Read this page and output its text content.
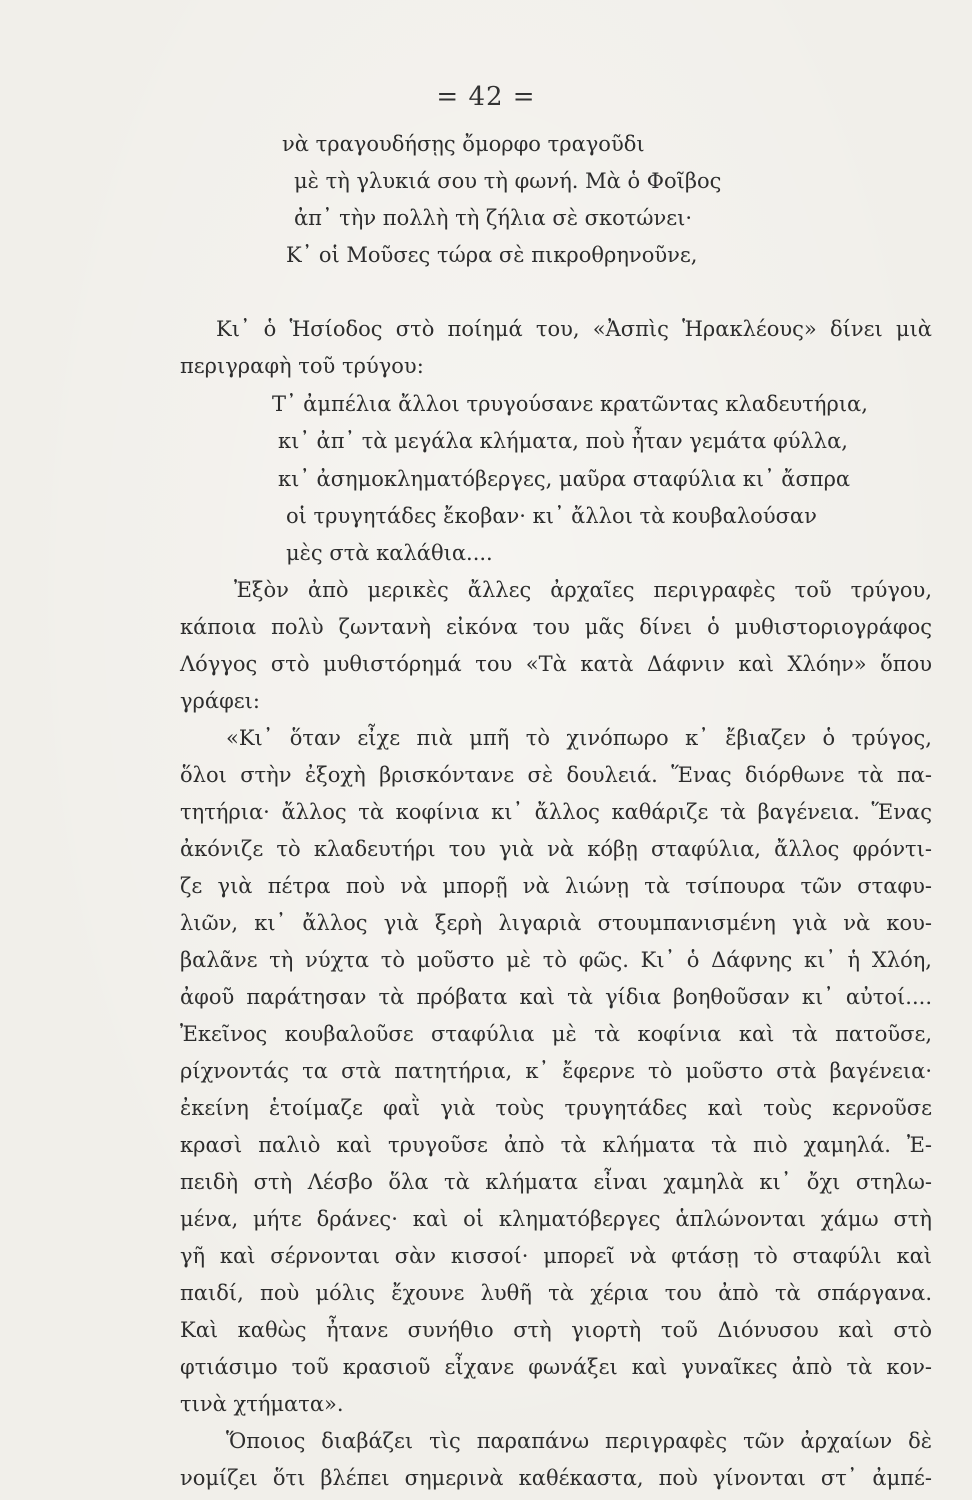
= 42 =
νὰ τραγουδήσῃς ὄμορφο τραγοῦδι
μὲ τὴ γλυκιά σου τὴ φωνή. Μὰ ὁ Φοῖβος
ἀπ᾿ τὴν πολλὴ τὴ ζήλια σὲ σκοτώνει·
Κ᾿ οἱ Μοῦσες τώρα σὲ πικροθρηνοῦνε,
Κι᾿ ὁ Ἡσίοδος στὸ ποίημά του, «Ἀσπὶς Ἡρακλέους» δίνει μιὰ
περιγραφὴ τοῦ τρύγου:
Τ᾿ ἀμπέλια ἄλλοι τρυγούσανε κρατῶντας κλαδευτήρια,
κι᾿ ἀπ᾿ τὰ μεγάλα κλήματα, ποὺ ἦταν γεμάτα φύλλα,
κι᾿ ἀσημοκληματόβεργες, μαῦρα σταφύλια κι᾿ ἄσπρα
οἱ τρυγητάδες ἔκοβαν· κι᾿ ἄλλοι τὰ κουβαλούσαν
μὲς στὰ καλάθια....
Ἐξὸν ἀπὸ μερικὲς ἄλλες ἀρχαῖες περιγραφὲς τοῦ τρύγου,
κάποια πολὺ ζωντανὴ εἰκόνα του μᾶς δίνει ὁ μυθιστοριογράφος
Λόγγος στὸ μυθιστόρημά του «Τὰ κατὰ Δάφνιν καὶ Χλόην» ὅπου
γράφει:
«Κι᾿ ὅταν εἶχε πιὰ μπῆ τὸ χινόπωρο κ᾿ ἔβιαζεν ὁ τρύγος,
ὅλοι στὴν ἐξοχὴ βρισκόντανε σὲ δουλειά. Ἕνας διόρθωνε τὰ πα-
τητήρια· ἄλλος τὰ κοφίνια κι᾿ ἄλλος καθάριζε τὰ βαγένεια. Ἕνας
ἀκόνιζε τὸ κλαδευτήρι του γιὰ νὰ κόβῃ σταφύλια, ἄλλος φρόντι-
ζε γιὰ πέτρα ποὺ νὰ μπορῇ νὰ λιώνῃ τὰ τσίπουρα τῶν σταφυ-
λιῶν, κι᾿ ἄλλος γιὰ ξερὴ λιγαριὰ στουμπανισμένη γιὰ νὰ κου-
βαλᾶνε τὴ νύχτα τὸ μοῦστο μὲ τὸ φῶς. Κι᾿ ὁ Δάφνης κι᾿ ἡ Χλόη,
ἀφοῦ παράτησαν τὰ πρόβατα καὶ τὰ γίδια βοηθοῦσαν κι᾿ αὐτοί....
Ἐκεῖνος κουβαλοῦσε σταφύλια μὲ τὰ κοφίνια καὶ τὰ πατοῦσε,
ρίχνοντάς τα στὰ πατητήρια, κ᾿ ἔφερνε τὸ μοῦστο στὰ βαγένεια·
ἐκείνη ἑτοίμαζε φαῒ γιὰ τοὺς τρυγητάδες καὶ τοὺς κερνοῦσε
κρασὶ παλιὸ καὶ τρυγοῦσε ἀπὸ τὰ κλήματα τὰ πιὸ χαμηλά. Ἐ-
πειδὴ στὴ Λέσβο ὅλα τὰ κλήματα εἶναι χαμηλὰ κι᾿ ὄχι στηλω-
μένα, μήτε δράνες· καὶ οἱ κληματόβεργες ἁπλώνονται χάμω στὴ
γῆ καὶ σέρνονται σὰν κισσοί· μπορεῖ νὰ φτάσῃ τὸ σταφύλι καὶ
παιδί, ποὺ μόλις ἔχουνε λυθῆ τὰ χέρια του ἀπὸ τὰ σπάργανα.
Καὶ καθὼς ἦτανε συνήθιο στὴ γιορτὴ τοῦ Διόνυσου καὶ στὸ
φτιάσιμο τοῦ κρασιοῦ εἶχανε φωνάξει καὶ γυναῖκες ἀπὸ τὰ κον-
τινὰ χτήματα».
Ὅποιος διαβάζει τὶς παραπάνω περιγραφὲς τῶν ἀρχαίων δὲ
νομίζει ὅτι βλέπει σημερινὰ καθέκαστα, ποὺ γίνονται στ᾿ ἀμπέ-
